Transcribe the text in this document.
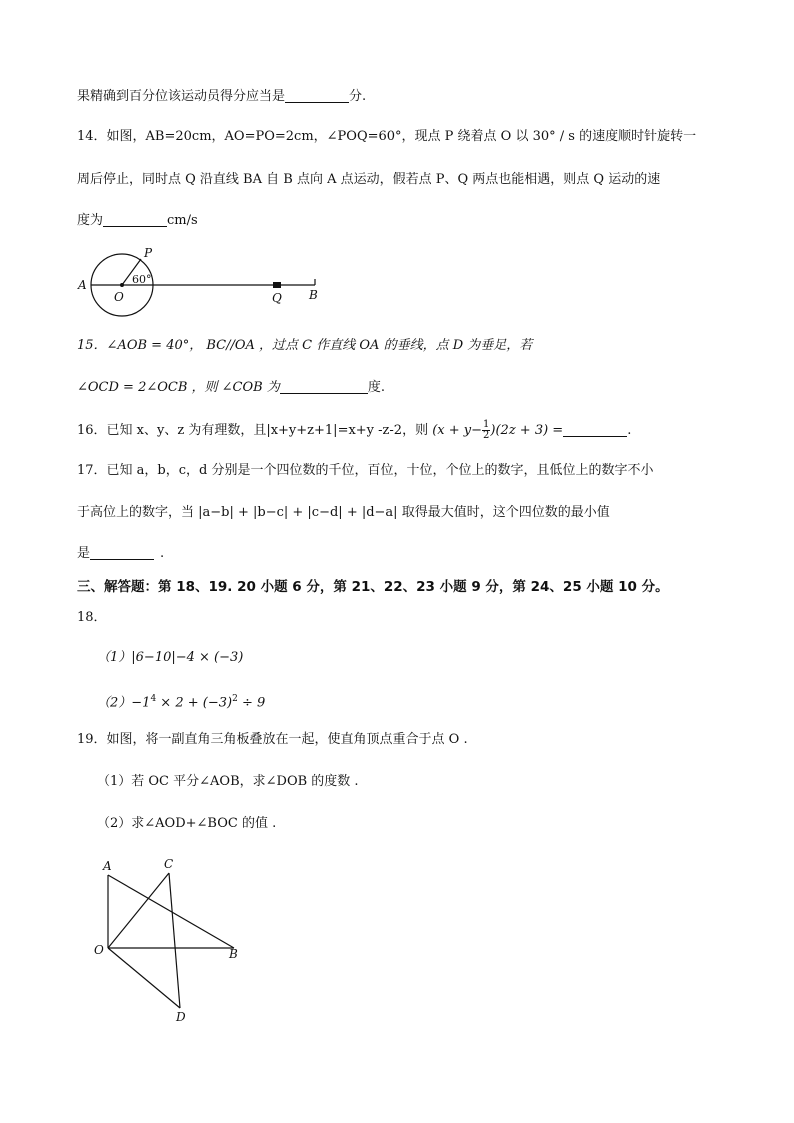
果精确到百分位该运动员得分应当是	分.
14．如图，AB=20cm，AO=PO=2cm，∠POQ=60°，现点 P 绕着点 O 以 30° / s 的速度顺时针旋转一
周后停止，同时点 Q 沿直线 BA 自 B 点向 A 点运动，假若点 P、Q 两点也能相遇，则点 Q 运动的速
度为	cm/s
A
O
P
Q B
60°
15．∠AOB = 40°， BC//OA ，过点 C 作直线 OA 的垂线，点 D 为垂足，若
∠OCD = 2∠OCB ，则 ∠COB 为	度.
16．已知 x、y、z 为有理数，且|x+y+z+1|=x+y -z-2，则 $(x + y- \frac{1}{2} )(2z + 3)$ =	.
17．已知 a，b，c，d 分别是一个四位数的千位，百位，十位，个位上的数字，且低位上的数字不小
于高位上的数字，当 |a−b| + |b−c| + |c−d| + |d−a| 取得最大值时，这个四位数的最小值
是	.
三、解答题：第 18、19. 20 小题 6 分，第 21、22、23 小题 9 分，第 24、25 小题 10 分。
18．
（1）|6−10|−4 × (−3)
$(2)-1^4 \times 2 + (-3)^2 \div 9$
19．如图，将一副直角三角板叠放在一起，使直角顶点重合于点 O .
（1）若 OC 平分∠AOB，求∠DOB 的度数 .
（2）求∠AOD+∠BOC 的值 .
A	C
O	B
D
